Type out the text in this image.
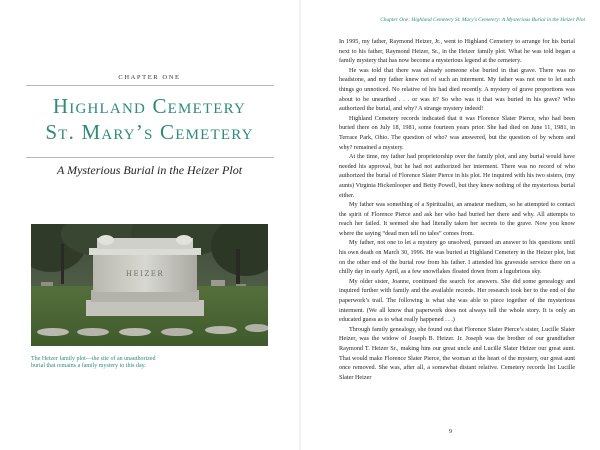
CHAPTER ONE
Highland Cemetery
St. Mary’s Cemetery
A Mysterious Burial in the Heizer Plot
HEIZER
The Heizer family plot—the site of an unauthorized burial that remains a family mystery to this day.
Chapter One: Highland Cemetery St. Mary’s Cemetery: A Mysterious Burial in the Heizer Plot

In 1995, my father, Raymond Heizer, Jr., went to Highland Cemetery to arrange for his burial next to his father, Raymond Heizer, Sr., in the Heizer family plot. What he was told began a family mystery that has now become a mysterious legend at the cemetery.

He was told that there was already someone else buried in that grave. There was no headstone, and my father knew not of such an interment. My father was not one to let such things go unnoticed. No relative of his had died recently. A mystery of grave proportions was about to be unearthed . . . or was it? So who was it that was buried in his grave? Who authorized the burial, and why? A strange mystery indeed!

Highland Cemetery records indicated that it was Florence Slater Pierce, who had been buried there on July 18, 1981, some fourteen years prior. She had died on June 11, 1981, in Terrace Park, Ohio. The question of who? was answered, but the question of by whom and why? remained a mystery.

At the time, my father had proprietorship over the family plot, and any burial would have needed his approval, but he had not authorized her interment. There was no record of who authorized the burial of Florence Slater Pierce in his plot. He inquired with his two sisters, (my aunts) Virginia Hickenlooper and Betty Powell, but they knew nothing of the mysterious burial either.

My father was something of a Spiritualist, an amateur medium, so he attempted to contact the spirit of Florence Pierce and ask her who had buried her there and why. All attempts to reach her failed. It seemed she had literally taken her secrets to the grave. Now you know where the saying “dead men tell no tales” comes from.

My father, not one to let a mystery go unsolved, pursued an answer to his questions until his own death on March 30, 1996. He was buried at Highland Cemetery in the Heizer plot, but on the other end of the burial row from his father. I attended his graveside service there on a chilly day in early April, as a few snowflakes floated down from a lugubrious sky.

My older sister, Joanne, continued the search for answers. She did some genealogy and inquired further with family and the available records. Her research took her to the end of the paperwork’s trail. The following is what she was able to piece together of the mysterious interment. (We all know that paperwork does not always tell the whole story. It is only an educated guess as to what really happened . . .)

Through family genealogy, she found out that Florence Slater Pierce’s sister, Lucille Slater Heizer, was the widow of Joseph B. Heizer. Jr. Joseph was the brother of our grandfather Raymond T. Heizer Sr., making him our great uncle and Lucille Slater Heizer our great aunt. That would make Florence Slater Pierce, the woman at the heart of the mystery, our great aunt once removed. She was, after all, a somewhat distant relative. Cemetery records list Lucille Slater Heizer

9
